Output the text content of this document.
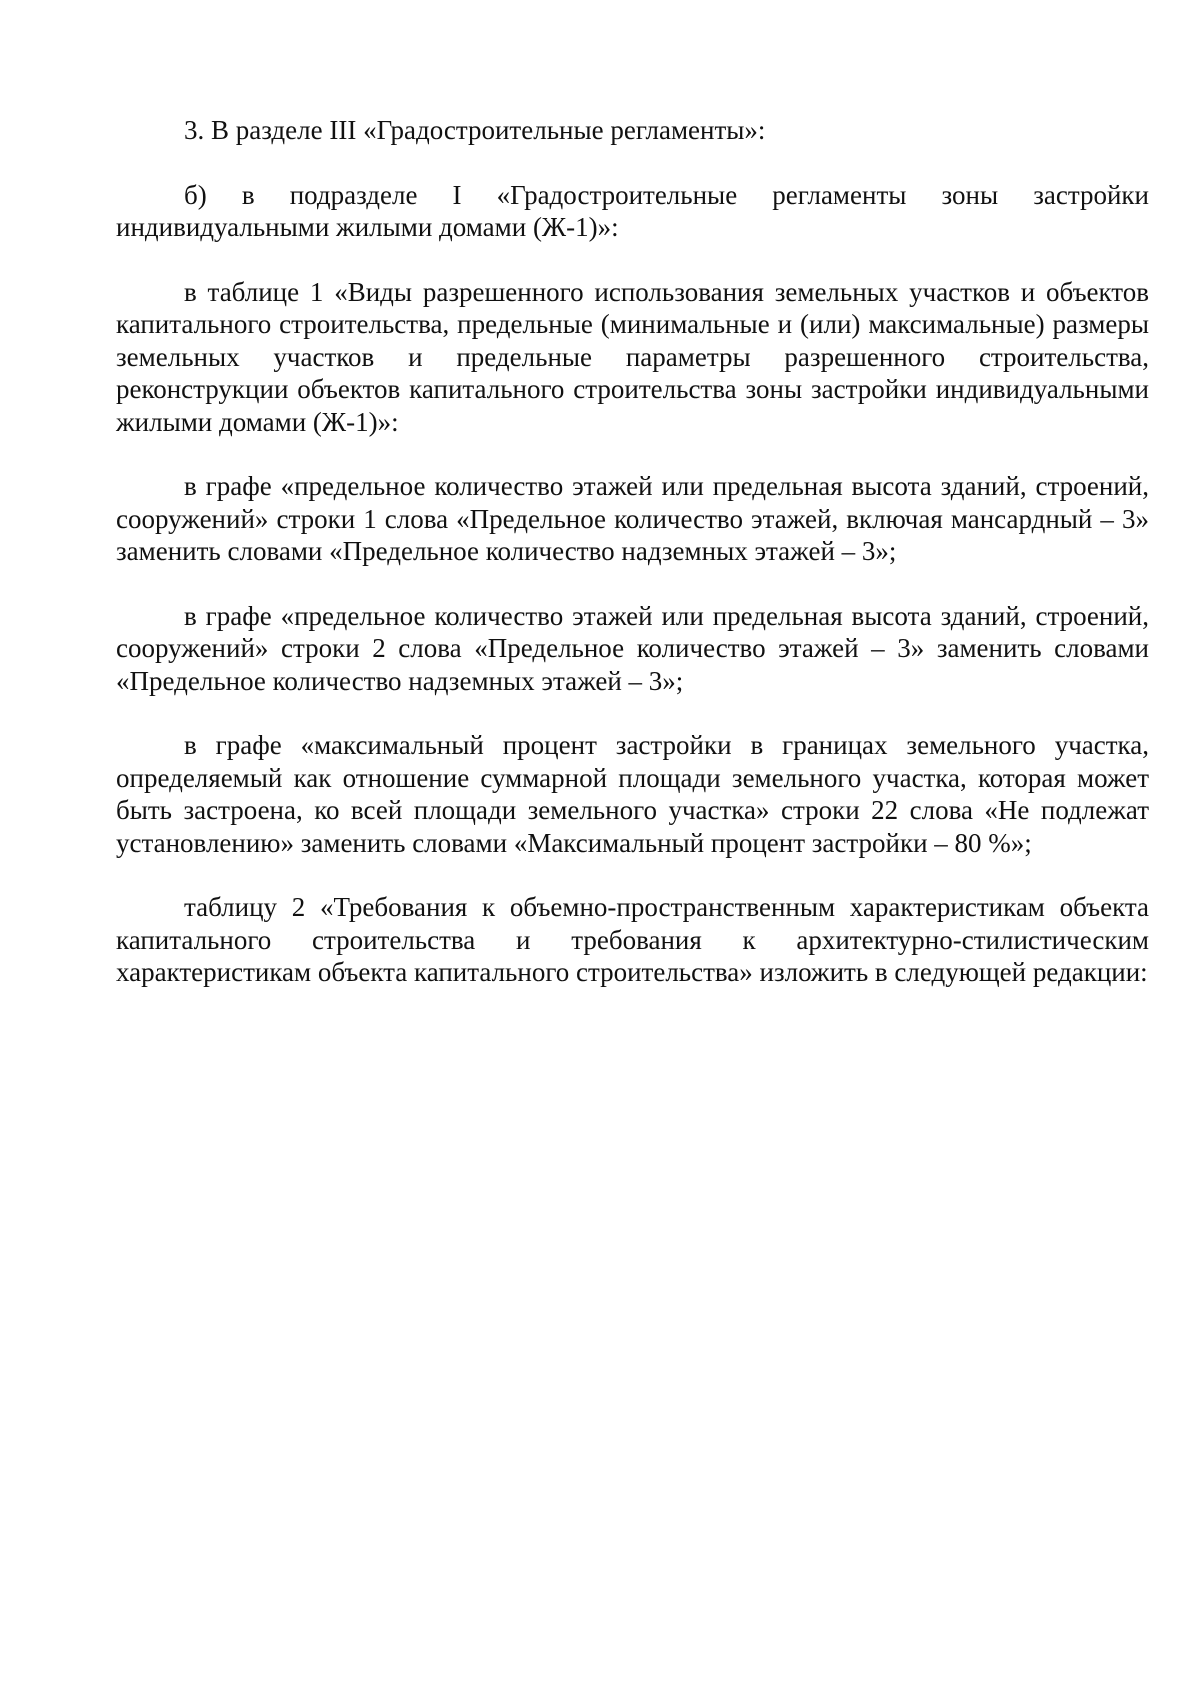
3. В разделе III «Градостроительные регламенты»:

б) в подразделе I «Градостроительные регламенты зоны застройки индивидуальными жилыми домами (Ж-1)»:

в таблице 1 «Виды разрешенного использования земельных участков и объектов капитального строительства, предельные (минимальные и (или) максимальные) размеры земельных участков и предельные параметры разрешенного строительства, реконструкции объектов капитального строительства зоны застройки индивидуальными жилыми домами (Ж-1)»:

в графе «предельное количество этажей или предельная высота зданий, строений, сооружений» строки 1 слова «Предельное количество этажей, включая мансардный – 3» заменить словами «Предельное количество надземных этажей – 3»;

в графе «предельное количество этажей или предельная высота зданий, строений, сооружений» строки 2 слова «Предельное количество этажей – 3» заменить словами «Предельное количество надземных этажей – 3»;

в графе «максимальный процент застройки в границах земельного участка, определяемый как отношение суммарной площади земельного участка, которая может быть застроена, ко всей площади земельного участка» строки 22 слова «Не подлежат установлению» заменить словами «Максимальный процент застройки – 80 %»;

таблицу 2 «Требования к объемно-пространственным характеристикам объекта капитального строительства и требования к архитектурно-стилистическим характеристикам объекта капитального строительства» изложить в следующей редакции:
